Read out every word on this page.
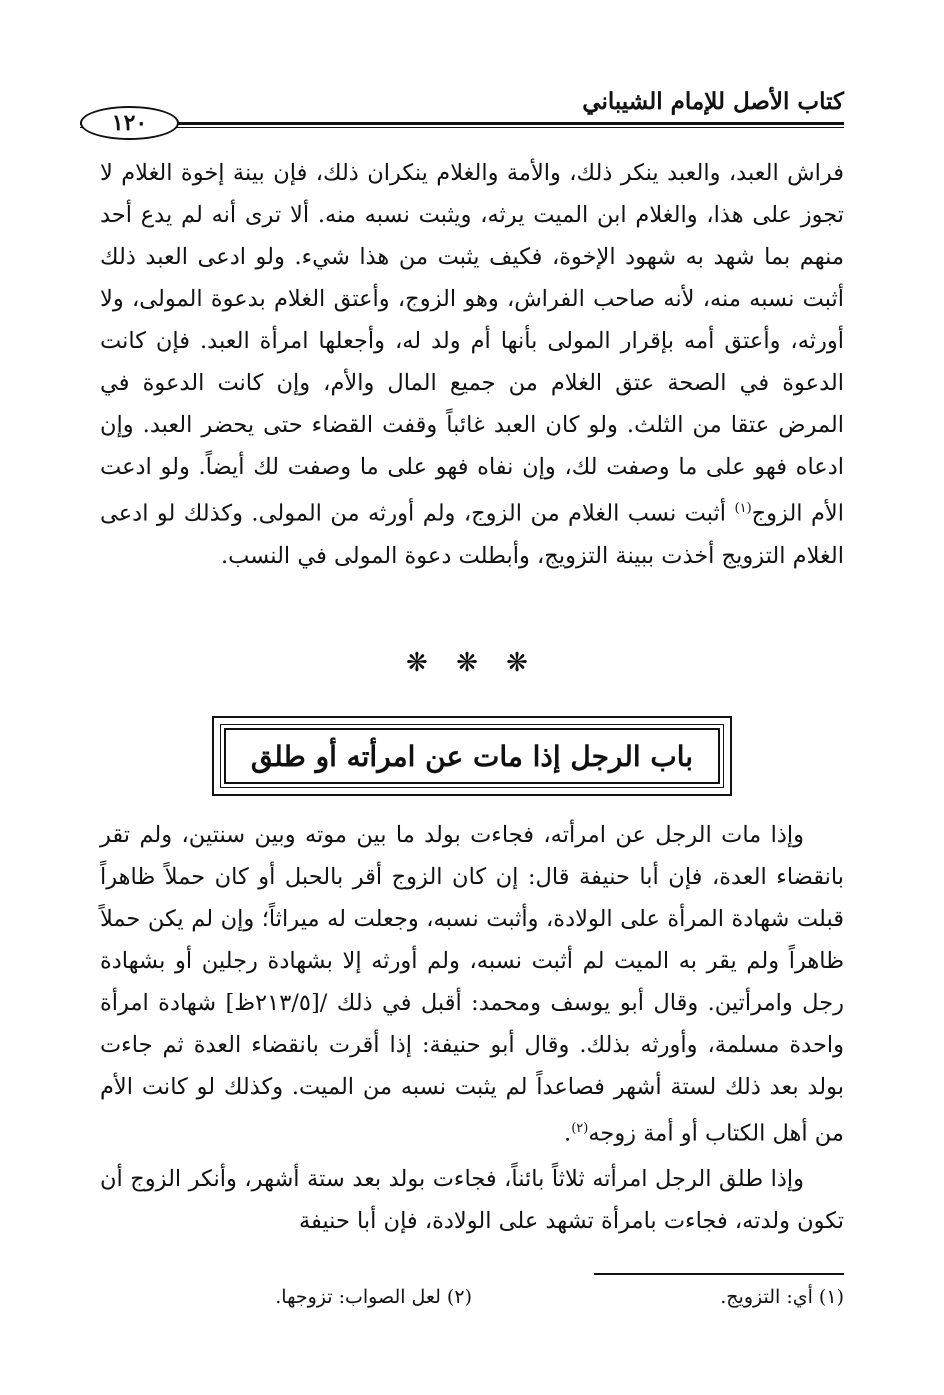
كتاب الأصل للإمام الشيباني
١٢٠
فراش العبد، والعبد ينكر ذلك، والأمة والغلام ينكران ذلك، فإن بينة إخوة الغلام لا تجوز على هذا، والغلام ابن الميت يرثه، ويثبت نسبه منه. ألا ترى أنه لم يدع أحد منهم بما شهد به شهود الإخوة، فكيف يثبت من هذا شيء. ولو ادعى العبد ذلك أثبت نسبه منه، لأنه صاحب الفراش، وهو الزوج، وأعتق الغلام بدعوة المولى، ولا أورثه، وأعتق أمه بإقرار المولى بأنها أم ولد له، وأجعلها امرأة العبد. فإن كانت الدعوة في الصحة عتق الغلام من جميع المال والأم، وإن كانت الدعوة في المرض عتقا من الثلث. ولو كان العبد غائباً وقفت القضاء حتى يحضر العبد. وإن ادعاه فهو على ما وصفت لك، وإن نفاه فهو على ما وصفت لك أيضاً. ولو ادعت الأم الزوج$^{(١)}$ أثبت نسب الغلام من الزوج، ولم أورثه من المولى. وكذلك لو ادعى الغلام التزويج أخذت ببينة التزويج، وأبطلت دعوة المولى في النسب.
❋ ❋ ❋
باب الرجل إذا مات عن امرأته أو طلق
وإذا مات الرجل عن امرأته، فجاءت بولد ما بين موته وبين سنتين، ولم تقر بانقضاء العدة، فإن أبا حنيفة قال: إن كان الزوج أقر بالحبل أو كان حملاً ظاهراً قبلت شهادة المرأة على الولادة، وأثبت نسبه، وجعلت له ميراثاً؛ وإن لم يكن حملاً ظاهراً ولم يقر به الميت لم أثبت نسبه، ولم أورثه إلا بشهادة رجلين أو بشهادة رجل وامرأتين. وقال أبو يوسف ومحمد: أقبل في ذلك /[٢١٣/٥ظ] شهادة امرأة واحدة مسلمة، وأورثه بذلك. وقال أبو حنيفة: إذا أقرت بانقضاء العدة ثم جاءت بولد بعد ذلك لستة أشهر فصاعداً لم يثبت نسبه من الميت. وكذلك لو كانت الأم من أهل الكتاب أو أمة زوجه$^{(٢)}$.
وإذا طلق الرجل امرأته ثلاثاً بائناً، فجاءت بولد بعد ستة أشهر، وأنكر الزوج أن تكون ولدته، فجاءت بامرأة تشهد على الولادة، فإن أبا حنيفة
(١) أي: التزويج.
(٢) لعل الصواب: تزوجها.
